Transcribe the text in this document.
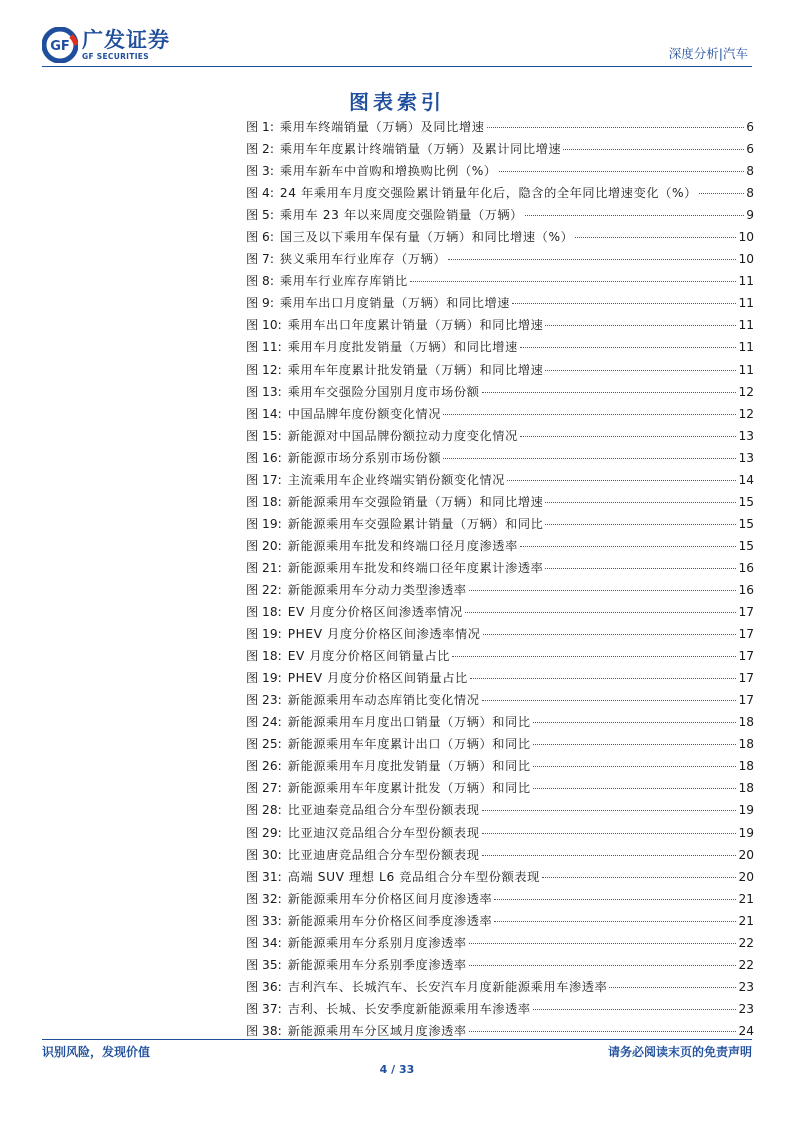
GF 广发证券
GF SECURITIES	深度分析|汽车
图表索引
图 1: 乘用车终端销量（万辆）及同比增速	6
图 2: 乘用车年度累计终端销量（万辆）及累计同比增速	6
图 3: 乘用车新车中首购和增换购比例（%）	8
图 4: 24 年乘用车月度交强险累计销量年化后，隐含的全年同比增速变化（%）	8
图 5: 乘用车 23 年以来周度交强险销量（万辆）	9
图 6: 国三及以下乘用车保有量（万辆）和同比增速（%）	10
图 7: 狭义乘用车行业库存（万辆）	10
图 8: 乘用车行业库存库销比	11
图 9: 乘用车出口月度销量（万辆）和同比增速	11
图 10: 乘用车出口年度累计销量（万辆）和同比增速	11
图 11: 乘用车月度批发销量（万辆）和同比增速	11
图 12: 乘用车年度累计批发销量（万辆）和同比增速	11
图 13: 乘用车交强险分国别月度市场份额	12
图 14: 中国品牌年度份额变化情况	12
图 15: 新能源对中国品牌份额拉动力度变化情况	13
图 16: 新能源市场分系别市场份额	13
图 17: 主流乘用车企业终端实销份额变化情况	14
图 18: 新能源乘用车交强险销量（万辆）和同比增速	15
图 19: 新能源乘用车交强险累计销量（万辆）和同比	15
图 20: 新能源乘用车批发和终端口径月度渗透率	15
图 21: 新能源乘用车批发和终端口径年度累计渗透率	16
图 22: 新能源乘用车分动力类型渗透率	16
图 18: EV 月度分价格区间渗透率情况	17
图 19: PHEV 月度分价格区间渗透率情况	17
图 18: EV 月度分价格区间销量占比	17
图 19: PHEV 月度分价格区间销量占比	17
图 23: 新能源乘用车动态库销比变化情况	17
图 24: 新能源乘用车月度出口销量（万辆）和同比	18
图 25: 新能源乘用车年度累计出口（万辆）和同比	18
图 26: 新能源乘用车月度批发销量（万辆）和同比	18
图 27: 新能源乘用车年度累计批发（万辆）和同比	18
图 28: 比亚迪秦竞品组合分车型份额表现	19
图 29: 比亚迪汉竞品组合分车型份额表现	19
图 30: 比亚迪唐竞品组合分车型份额表现	20
图 31: 高端 SUV 理想 L6 竞品组合分车型份额表现	20
图 32: 新能源乘用车分价格区间月度渗透率	21
图 33: 新能源乘用车分价格区间季度渗透率	21
图 34: 新能源乘用车分系别月度渗透率	22
图 35: 新能源乘用车分系别季度渗透率	22
图 36: 吉利汽车、长城汽车、长安汽车月度新能源乘用车渗透率	23
图 37: 吉利、长城、长安季度新能源乘用车渗透率	23
图 38: 新能源乘用车分区域月度渗透率	24
识别风险，发现价值	请务必阅读末页的免责声明
4 / 33
